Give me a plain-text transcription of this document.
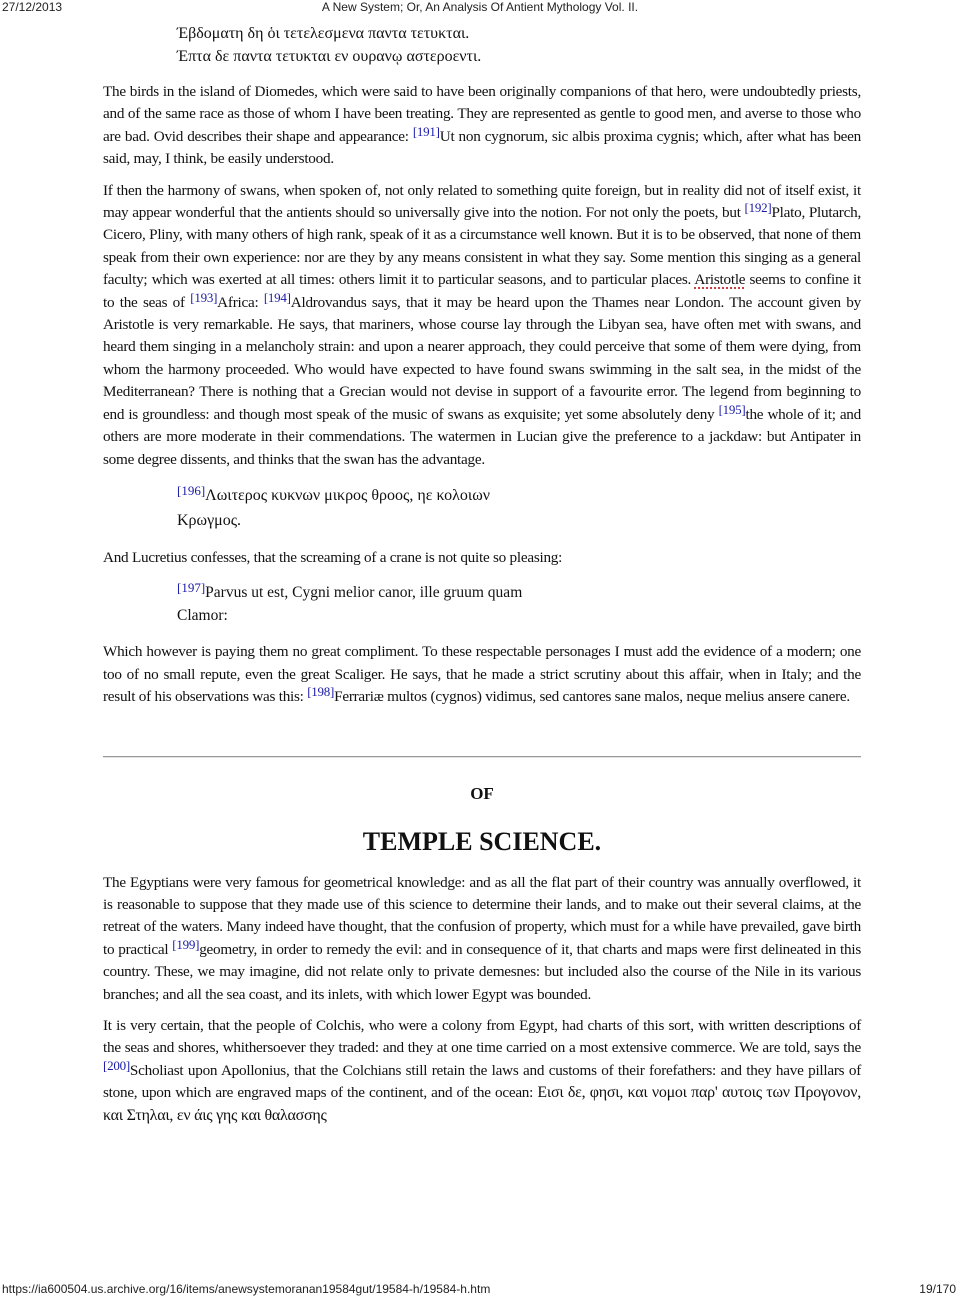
27/12/2013	A New System; Or, An Analysis Of Antient Mythology Vol. II.

Έβδοματη δη ὁι τετελεσμενα παντα τετυκται.

Έπτα δε παντα τετυκται εν ουρανῳ αστεροεντι.

The birds in the island of Diomedes, which were said to have been originally companions of that hero, were undoubtedly priests, and of the same race as those of whom I have been treating. They are represented as gentle to good men, and averse to those who are bad. Ovid describes their shape and appearance: [191]Ut non cygnorum, sic albis proxima cygnis; which, after what has been said, may, I think, be easily understood.

If then the harmony of swans, when spoken of, not only related to something quite foreign, but in reality did not of itself exist, it may appear wonderful that the antients should so universally give into the notion. For not only the poets, but [192]Plato, Plutarch, Cicero, Pliny, with many others of high rank, speak of it as a circumstance well known. But it is to be observed, that none of them speak from their own experience: nor are they by any means consistent in what they say. Some mention this singing as a general faculty; which was exerted at all times: others limit it to particular seasons, and to particular places. Aristotle seems to confine it to the seas of [193]Africa: [194]Aldrovandus says, that it may be heard upon the Thames near London. The account given by Aristotle is very remarkable. He says, that mariners, whose course lay through the Libyan sea, have often met with swans, and heard them singing in a melancholy strain: and upon a nearer approach, they could perceive that some of them were dying, from whom the harmony proceeded. Who would have expected to have found swans swimming in the salt sea, in the midst of the Mediterranean? There is nothing that a Grecian would not devise in support of a favourite error. The legend from beginning to end is groundless: and though most speak of the music of swans as exquisite; yet some absolutely deny [195]the whole of it; and others are more moderate in their commendations. The watermen in Lucian give the preference to a jackdaw: but Antipater in some degree dissents, and thinks that the swan has the advantage.

[196]Λωιτερος κυκνων μικρος θροος, ηε κολοιων
Κρωγμος.

And Lucretius confesses, that the screaming of a crane is not quite so pleasing:

[197]Parvus ut est, Cygni melior canor, ille gruum quam
Clamor:

Which however is paying them no great compliment. To these respectable personages I must add the evidence of a modern; one too of no small repute, even the great Scaliger. He says, that he made a strict scrutiny about this affair, when in Italy; and the result of his observations was this: [198]Ferrariæ multos (cygnos) vidimus, sed cantores sane malos, neque melius ansere canere.

OF
TEMPLE SCIENCE.

The Egyptians were very famous for geometrical knowledge: and as all the flat part of their country was annually overflowed, it is reasonable to suppose that they made use of this science to determine their lands, and to make out their several claims, at the retreat of the waters. Many indeed have thought, that the confusion of property, which must for a while have prevailed, gave birth to practical [199]geometry, in order to remedy the evil: and in consequence of it, that charts and maps were first delineated in this country. These, we may imagine, did not relate only to private demesnes: but included also the course of the Nile in its various branches; and all the sea coast, and its inlets, with which lower Egypt was bounded.

It is very certain, that the people of Colchis, who were a colony from Egypt, had charts of this sort, with written descriptions of the seas and shores, whithersoever they traded: and they at one time carried on a most extensive commerce. We are told, says the [200]Scholiast upon Apollonius, that the Colchians still retain the laws and customs of their forefathers: and they have pillars of stone, upon which are engraved maps of the continent, and of the ocean: Εισι δε, φησι, και νομοι παρ' αυτοις των Προγονον, και Στηλαι, εν άις γης και θαλασσης

https://ia600504.us.archive.org/16/items/anewsystemoranan19584gut/19584-h/19584-h.htm	19/170
